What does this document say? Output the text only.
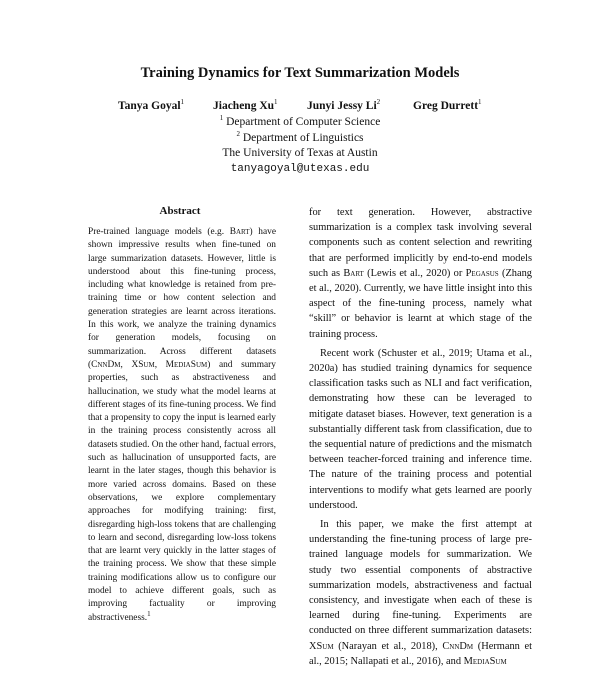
Training Dynamics for Text Summarization Models
Tanya Goyal$^1$	Jiacheng Xu$^1$	Junyi Jessy Li$^2$	Greg Durrett$^1$
$^1$ Department of Computer Science
$^2$ Department of Linguistics
The University of Texas at Austin
tanyagoyal@utexas.edu
Abstract
Pre-trained language models (e.g. Bart) have shown impressive results when fine-tuned on large summarization datasets. However, little is understood about this fine-tuning process, including what knowledge is retained from pre-training time or how content selection and generation strategies are learnt across iterations. In this work, we analyze the training dynamics for generation models, focusing on summarization. Across different datasets (CnnDm, XSum, MediaSum) and summary properties, such as abstractiveness and hallucination, we study what the model learns at different stages of its fine-tuning process. We find that a propensity to copy the input is learned early in the training process consistently across all datasets studied. On the other hand, factual errors, such as hallucination of unsupported facts, are learnt in the later stages, though this behavior is more varied across domains. Based on these observations, we explore complementary approaches for modifying training: first, disregarding high-loss tokens that are challenging to learn and second, disregarding low-loss tokens that are learnt very quickly in the latter stages of the training process. We show that these simple training modifications allow us to configure our model to achieve different goals, such as improving factuality or improving abstractiveness.$^1$

for text generation. However, abstractive summarization is a complex task involving several components such as content selection and rewriting that are performed implicitly by end-to-end models such as Bart (Lewis et al., 2020) or Pegasus (Zhang et al., 2020). Currently, we have little insight into this aspect of the fine-tuning process, namely what “skill” or behavior is learnt at which stage of the training process.

Recent work (Schuster et al., 2019; Utama et al., 2020a) has studied training dynamics for sequence classification tasks such as NLI and fact verification, demonstrating how these can be leveraged to mitigate dataset biases. However, text generation is a substantially different task from classification, due to the sequential nature of predictions and the mismatch between teacher-forced training and inference time. The nature of the training process and potential interventions to modify what gets learned are poorly understood.

In this paper, we make the first attempt at understanding the fine-tuning process of large pre-trained language models for summarization. We study two essential components of abstractive summarization models, abstractiveness and factual consistency, and investigate when each of these is learned during fine-tuning. Experiments are conducted on three different summarization datasets: XSum (Narayan et al., 2018), CnnDm (Hermann et al., 2015; Nallapati et al., 2016), and MediaSum
